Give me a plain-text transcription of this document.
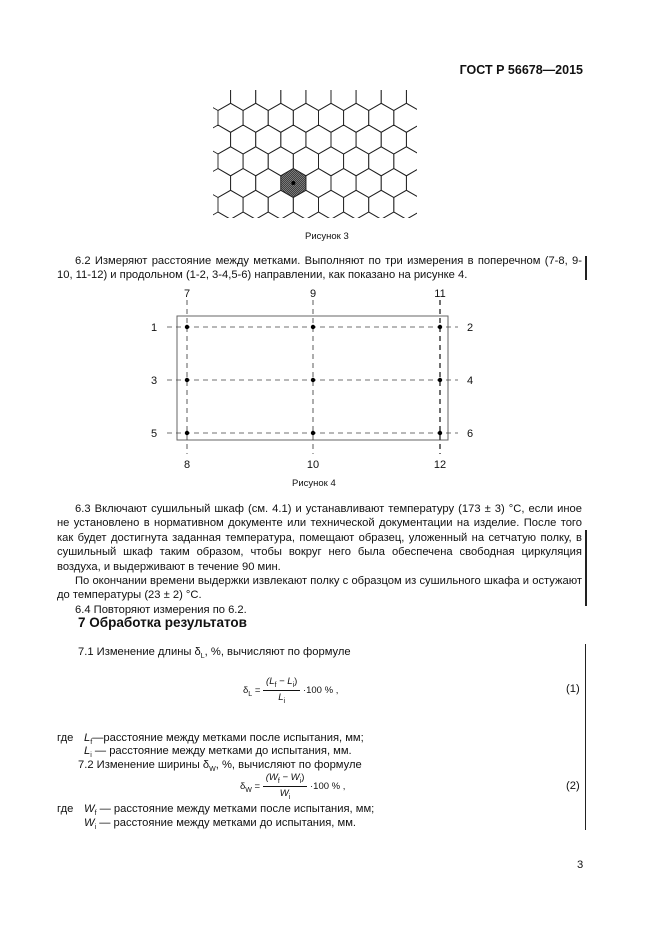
ГОСТ Р 56678—2015
Рисунок 3
6.2 Измеряют расстояние между метками. Выполняют по три измерения в поперечном (7-8, 9-10, 11-12) и продольном (1-2, 3-4,5-6) направлении, как показано на рисунке 4.
7	9	11
8	10	12
1
3
5
2
4
6
Рисунок 4
6.3 Включают сушильный шкаф (см. 4.1) и устанавливают температуру (173 ± 3) °С, если иное не установлено в нормативном документе или технической документации на изделие. После того как будет достигнута заданная температура, помещают образец, уложенный на сетчатую полку, в сушильный шкаф таким образом, чтобы вокруг него была обеспечена свободная циркуляция воздуха, и выдерживают в течение 90 мин.
По окончании времени выдержки извлекают полку с образцом из сушильного шкафа и остужают до температуры (23 ± 2) °С.
6.4 Повторяют измерения по 6.2.
7 Обработка результатов
7.1 Изменение длины $\delta_L$, %, вычисляют по формуле
$\delta_L = \frac{(L_f - L_i)}{L_i} \cdot 100$ % ,	(1)
где $L_f—расстояние$ между метками после испытания, мм;
$L_i$ — расстояние между метками до испытания, мм.
7.2 Изменение ширины $\delta_W$, %, вычисляют по формуле
$\delta_W = \frac{(W_f - W_i)}{W_i} \cdot 100$ % ,	(2)
где $W_f$ — расстояние между метками после испытания, мм;
$W_i$ — расстояние между метками до испытания, мм.
3
